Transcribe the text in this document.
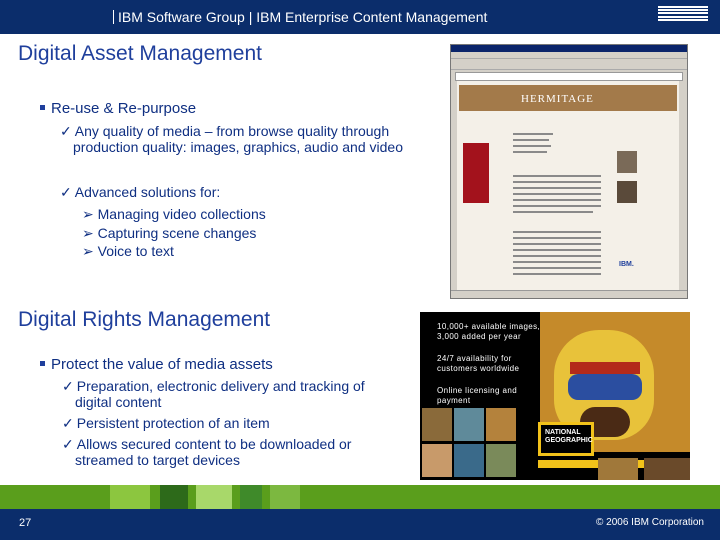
IBM Software Group | IBM Enterprise Content Management
Digital Asset Management
Re-use & Re-purpose
✓ Any quality of media – from browse quality through
production quality: images, graphics, audio and video
✓ Advanced solutions for:
➢ Managing video collections
➢ Capturing scene changes
➢ Voice to text
Digital Rights Management
Protect the value of media assets
✓ Preparation, electronic delivery and tracking of
digital content
✓ Persistent protection of an item
✓ Allows secured content to be downloaded or
streamed to target devices
HERMITAGE
IBM.
10,000+ available images,
3,000 added per year
24/7 availability for
customers worldwide
Online licensing and
payment
NATIONAL
GEOGRAPHIC
27	© 2006 IBM Corporation
